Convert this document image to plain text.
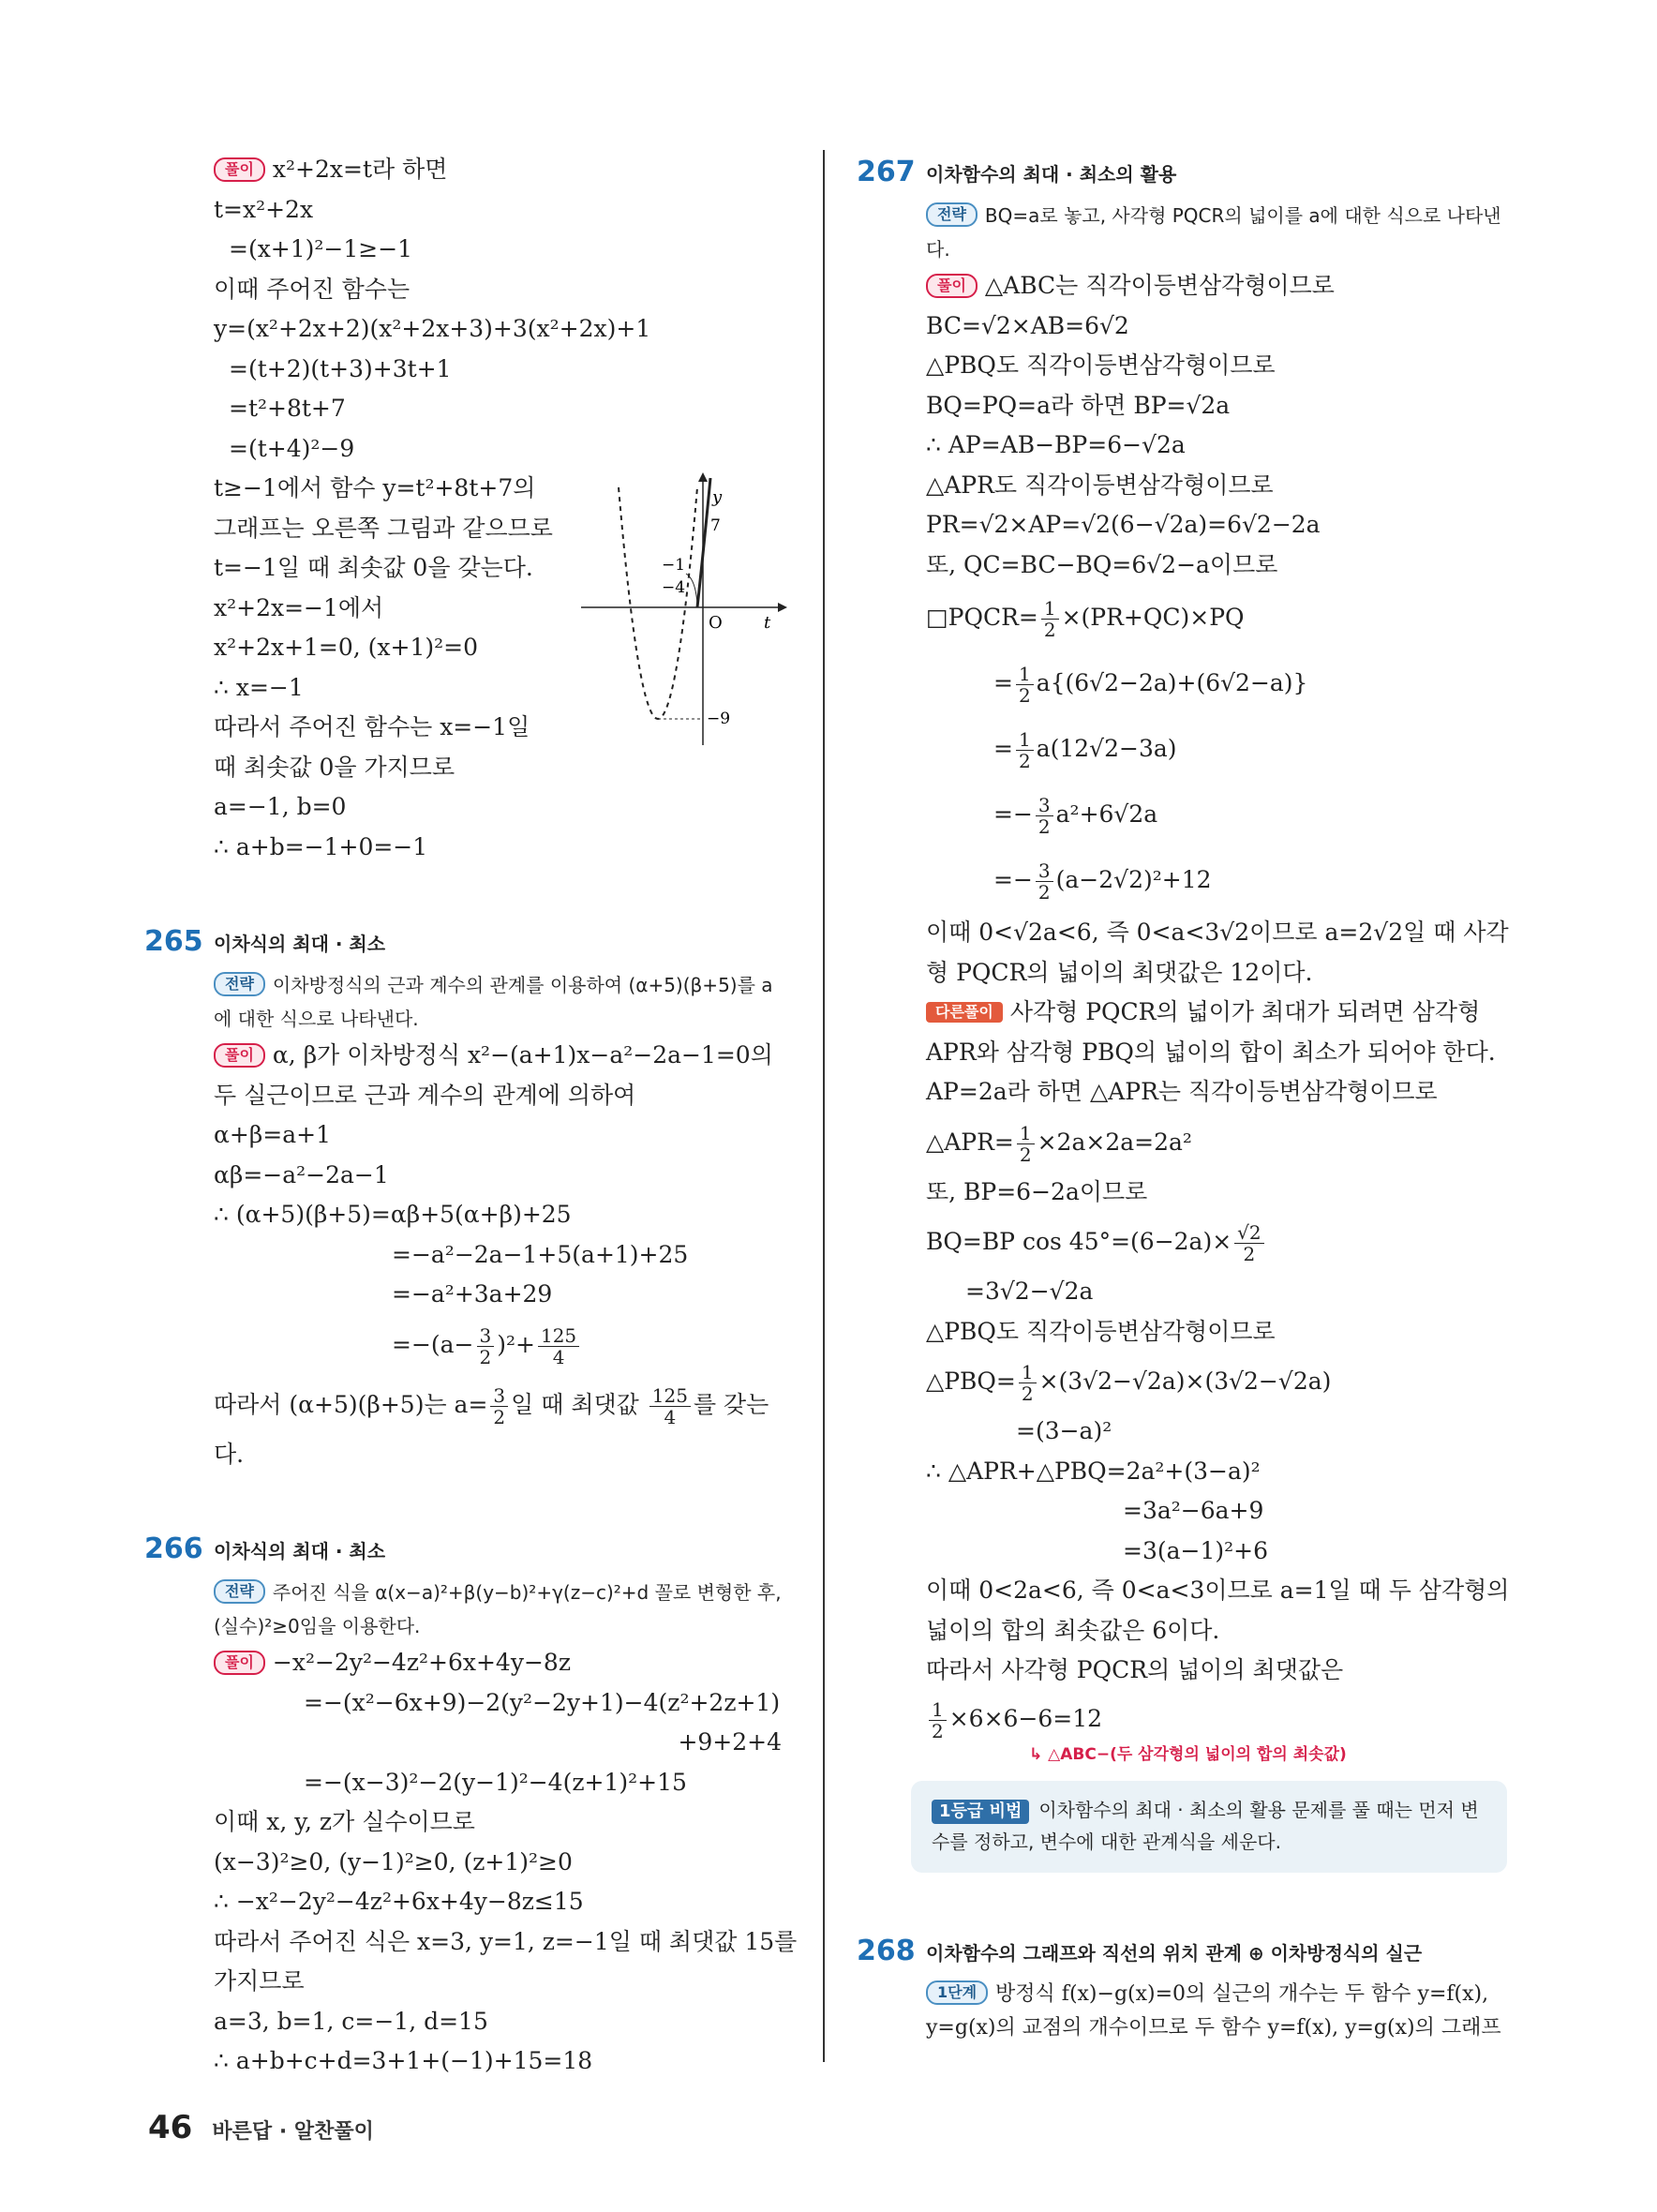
풀이 x²+2x=t라 하면
t=x²+2x
=(x+1)²−1≥−1
이때 주어진 함수는
y=(x²+2x+2)(x²+2x+3)+3(x²+2x)+1
=(t+2)(t+3)+3t+1
=t²+8t+7
=(t+4)²−9
t≥−1에서 함수 y=t²+8t+7의
그래프는 오른쪽 그림과 같으므로
t=−1일 때 최솟값 0을 갖는다.
x²+2x=−1에서
x²+2x+1=0, (x+1)²=0
∴ x=−1
따라서 주어진 함수는 x=−1일
때 최솟값 0을 가지므로
a=−1, b=0
∴ a+b=−1+0=−1
265 이차식의 최대 · 최소
전략 이차방정식의 근과 계수의 관계를 이용하여 (α+5)(β+5)를 a에 대한 식으로 나타낸다.
풀이 α, β가 이차방정식 x²−(a+1)x−a²−2a−1=0의
두 실근이므로 근과 계수의 관계에 의하여
α+β=a+1
αβ=−a²−2a−1
∴ (α+5)(β+5)=αβ+5(α+β)+25
=−a²−2a−1+5(a+1)+25
=−a²+3a+29
$=-(a- \frac{3}{2} )^2+ \frac{125}{4}$
따라서 (α+5)(β+5)는 $a= \frac{3}{2}$ 일 때 최댓값 $\frac{125}{4}$ 를 갖는
다.
266 이차식의 최대 · 최소
전략 주어진 식을 α(x−a)²+β(y−b)²+γ(z−c)²+d 꼴로 변형한 후, (실수)²≥0임을 이용한다.
풀이 −x²−2y²−4z²+6x+4y−8z
=−(x²−6x+9)−2(y²−2y+1)−4(z²+2z+1)
+9+2+4
=−(x−3)²−2(y−1)²−4(z+1)²+15
이때 x, y, z가 실수이므로
(x−3)²≥0, (y−1)²≥0, (z+1)²≥0
∴ −x²−2y²−4z²+6x+4y−8z≤15
따라서 주어진 식은 x=3, y=1, z=−1일 때 최댓값 15를
가지므로
a=3, b=1, c=−1, d=15
∴ a+b+c+d=3+1+(−1)+15=18
y
t
O
7
−1
−4
−9
267 이차함수의 최대 · 최소의 활용
전략 BQ=a로 놓고, 사각형 PQCR의 넓이를 a에 대한 식으로 나타낸다.
풀이 △ABC는 직각이등변삼각형이므로
BC=√2×AB=6√2
△PBQ도 직각이등변삼각형이므로
BQ=PQ=a라 하면 BP=√2a
∴ AP=AB−BP=6−√2a
△APR도 직각이등변삼각형이므로
PR=√2×AP=√2(6−√2a)=6√2−2a
또, QC=BC−BQ=6√2−a이므로
□PQCR= $\frac{1}{2} \times(PR+QC)\times PQ$
= $\frac{1}{2} a\{(6√2-2a)+(6√2-a)\}$
= $\frac{1}{2} a(12√2-3a)$
=− $\frac{3}{2} a^2+6√2a$
=− $\frac{3}{2} (a-2√2)^2+12$
이때 0<√2a<6, 즉 0<a<3√2이므로 a=2√2일 때 사각
형 PQCR의 넓이의 최댓값은 12이다.
다른풀이 사각형 PQCR의 넓이가 최대가 되려면 삼각형
APR와 삼각형 PBQ의 넓이의 합이 최소가 되어야 한다.
AP=2a라 하면 △APR는 직각이등변삼각형이므로
△APR= $\frac{1}{2} \times 2a\times 2a=2a^2$
또, BP=6−2a이므로
BQ=BP $\cos 45^\circ=(6-2a)\times \frac{√2}{2}$
=3√2−√2a
△PBQ도 직각이등변삼각형이므로
△PBQ= $\frac{1}{2} \times(3√2-√2a)\times(3√2-√2a)$
=(3−a)²
∴ △APR+△PBQ=2a²+(3−a)²
=3a²−6a+9
=3(a−1)²+6
이때 0<2a<6, 즉 0<a<3이므로 a=1일 때 두 삼각형의
넓이의 합의 최솟값은 6이다.
따라서 사각형 PQCR의 넓이의 최댓값은
$\frac{1}{2} \times 6\times 6-6=12$
↳ △ABC−(두 삼각형의 넓이의 합의 최솟값)
1등급 비법 이차함수의 최대 · 최소의 활용 문제를 풀 때는 먼저 변수를 정하고, 변수에 대한 관계식을 세운다.
268 이차함수의 그래프와 직선의 위치 관계 ⊕ 이차방정식의 실근
1단계 방정식 f(x)−g(x)=0의 실근의 개수는 두 함수 y=f(x),
y=g(x)의 교점의 개수이므로 두 함수 y=f(x), y=g(x)의 그래프
46 바른답 · 알찬풀이
